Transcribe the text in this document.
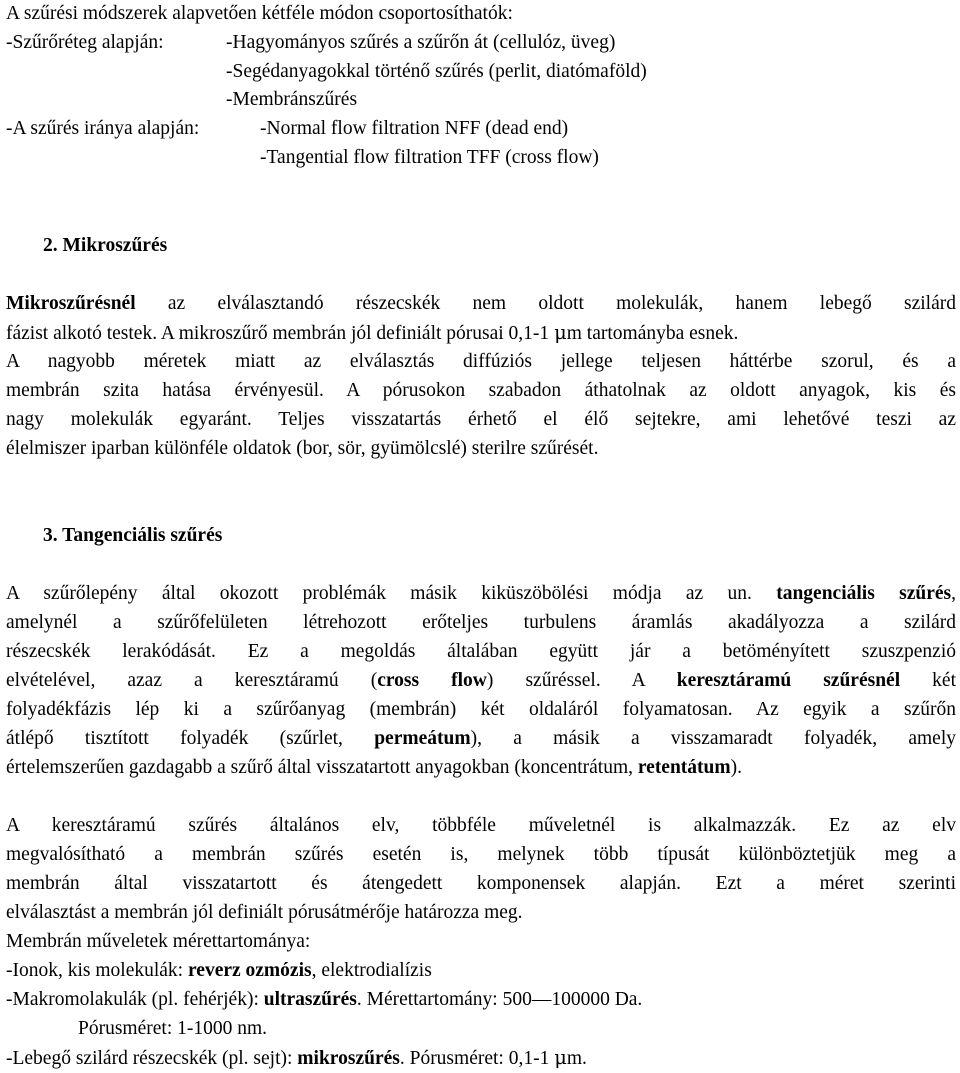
A szűrési módszerek alapvetően kétféle módon csoportosíthatók:
-Szűrőréteg alapján:	-Hagyományos szűrés a szűrőn át (cellulóz, üveg)
-Segédanyagokkal történő szűrés (perlit, diatómaföld)
-Membránszűrés
-A szűrés iránya alapján:	-Normal flow filtration NFF (dead end)
-Tangential flow filtration TFF (cross flow)
2. Mikroszűrés
Mikroszűrésnél az elválasztandó részecskék nem oldott molekulák, hanem lebegő szilárd
fázist alkotó testek. A mikroszűrő membrán jól definiált pórusai 0,1-1 μm tartományba esnek.
A nagyobb méretek miatt az elválasztás diffúziós jellege teljesen háttérbe szorul, és a
membrán szita hatása érvényesül. A pórusokon szabadon áthatolnak az oldott anyagok, kis és
nagy molekulák egyaránt. Teljes visszatartás érhető el élő sejtekre, ami lehetővé teszi az
élelmiszer iparban különféle oldatok (bor, sör, gyümölcslé) sterilre szűrését.
3. Tangenciális szűrés
A szűrőlepény által okozott problémák másik kiküszöbölési módja az un. tangenciális szűrés,
amelynél a szűrőfelületen létrehozott erőteljes turbulens áramlás akadályozza a szilárd
részecskék lerakódását. Ez a megoldás általában együtt jár a betöményített szuszpenzió
elvételével, azaz a keresztáramú (cross flow) szűréssel. A keresztáramú szűrésnél két
folyadékfázis lép ki a szűrőanyag (membrán) két oldaláról folyamatosan. Az egyik a szűrőn
átlépő tisztított folyadék (szűrlet, permeátum), a másik a visszamaradt folyadék, amely
értelemszerűen gazdagabb a szűrő által visszatartott anyagokban (koncentrátum, retentátum).
A keresztáramú szűrés általános elv, többféle műveletnél is alkalmazzák. Ez az elv
megvalósítható a membrán szűrés esetén is, melynek több típusát különböztetjük meg a
membrán által visszatartott és átengedett komponensek alapján. Ezt a méret szerinti
elválasztást a membrán jól definiált pórusátmérője határozza meg.
Membrán műveletek mérettartománya:
-Ionok, kis molekulák: reverz ozmózis, elektrodialízis
-Makromolakulák (pl. fehérjék): ultraszűrés. Mérettartomány: 500—100000 Da.
Pórusméret: 1-1000 nm.
-Lebegő szilárd részecskék (pl. sejt): mikroszűrés. Pórusméret: 0,1-1 μm.
